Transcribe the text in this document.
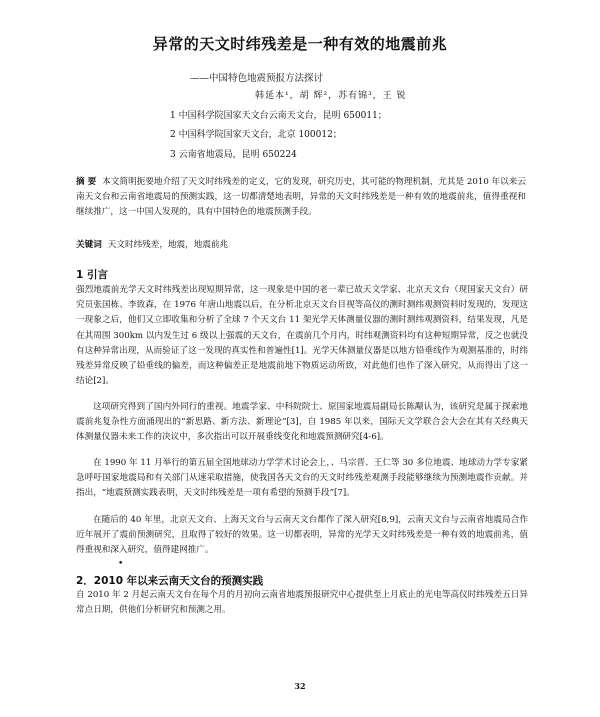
异常的天文时纬残差是一种有效的地震前兆
——中国特色地震预报方法探讨
韩延本¹，胡 辉²，苏有锦³，王 锐
1 中国科学院国家天文台云南天文台，昆明 650011；
2 中国科学院国家天文台，北京 100012；
3 云南省地震局，昆明 650224
摘 要 本文简明扼要地介绍了天文时纬残差的定义，它的发现，研究历史，其可能的物理机制，尤其是 2010 年以来云南天文台和云南省地震局的预测实践，这一切都清楚地表明，异常的天文时纬残差是一种有效的地震前兆，值得重视和继续推广，这一中国人发现的，具有中国特色的地震预测手段。
关键词 天文时纬残差，地震，地震前兆
1 引言
强烈地震前光学天文时纬残差出现短期异常，这一现象是中国的老一辈已故天文学家、北京天文台（现国家天文台）研究员张国栋、李致森，在 1976 年唐山地震以后，在分析北京天文台目视等高仪的测时测纬观测资料时发现的，发现这一现象之后，他们又立即收集和分析了全球 7 个天文台 11 架光学天体测量仪器的测时测纬观测资料，结果发现，凡是在其周围 300km 以内发生过 6 级以上强震的天文台，在震前几个月内，时纬观测资料均有这种短期异常，反之也就没有这种异常出现，从而验证了这一发现的真实性和普遍性[1]。光学天体测量仪器是以地方铅垂线作为观测基准的，时纬残差异常反映了铅垂线的偏差，而这种偏差正是地震前地下物质运动所致，对此他们也作了深入研究，从而得出了这一结论[2]。
这项研究得到了国内外同行的重视。地震学家、中科院院士、原国家地震局副局长陈颙认为，该研究是属于探索地震前兆复杂性方面涌现出的“新思路、新方法、新理论”[3]，自 1985 年以来，国际天文学联合会大会在其有关经典天体测量仪器未来工作的决议中，多次指出可以开展垂线变化和地震预测研究[4-6]。
在 1990 年 11 月举行的第五届全国地球动力学学术讨论会上，、马宗晋、王仁等 30 多位地震、地球动力学专家紧急呼吁国家地震局和有关部门从速采取措施，使我国各天文台的天文时纬残差观测手段能够继续为预测地震作贡献。并指出，“地震预测实践表明，天文时纬残差是一项有希望的预测手段”[7]。
在随后的 40 年里，北京天文台、上海天文台与云南天文台都作了深入研究[8,9]，云南天文台与云南省地震局合作近年展开了震前预测研究，且取得了较好的效果。这一切都表明，异常的光学天文时纬残差是一种有效的地震前兆，值得重视和深入研究，值得建网推广。
•
2．2010 年以来云南天文台的预测实践
自 2010 年 2 月起云南天文台在每个月的月初向云南省地震预报研究中心提供至上月底止的光电等高仪时纬残差五日异常点日期，供他们分析研究和预测之用。
32
